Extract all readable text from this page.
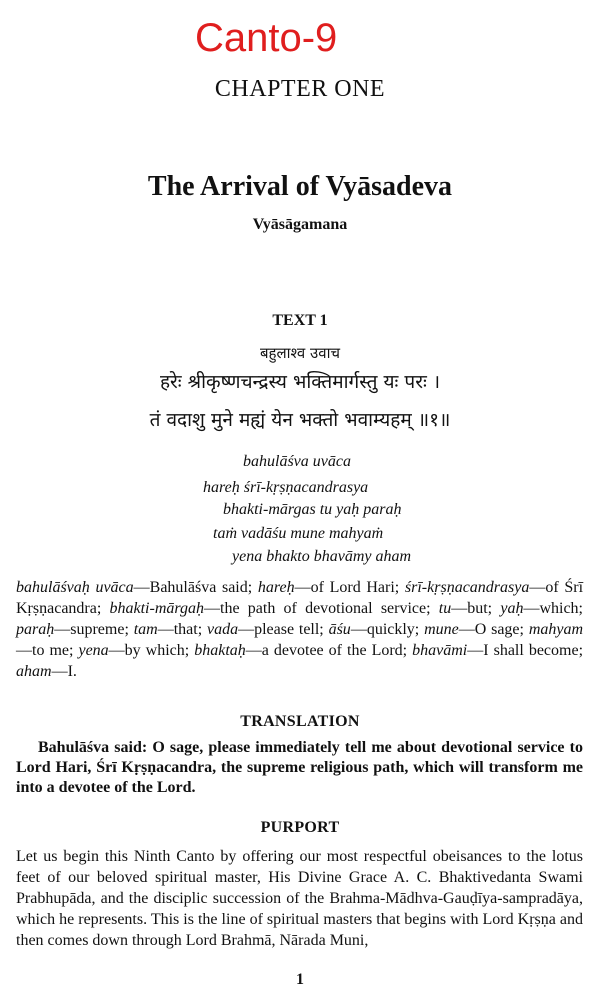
Canto-9
CHAPTER ONE
The Arrival of Vyāsadeva
Vyāsāgamana
TEXT 1
बहुलाश्व उवाच
हरेः श्रीकृष्णचन्द्रस्य भक्तिमार्गस्तु यः परः ।
तं वदाशु मुने मह्यं येन भक्तो भवाम्यहम् ॥१॥
bahulāśva uvāca
hareḥ śrī-kṛṣṇacandrasya
bhakti-mārgas tu yaḥ paraḥ
taṁ vadāśu mune mahyaṁ
yena bhakto bhavāmy aham
bahulāśvaḥ uvāca—Bahulāśva said; hareḥ—of Lord Hari; śrī-kṛṣṇacandrasya—of Śrī Kṛṣṇacandra; bhakti-mārgaḥ—the path of devotional service; tu—but; yaḥ—which; paraḥ—supreme; tam—that; vada—please tell; āśu—quickly; mune—O sage; mahyam—to me; yena—by which; bhaktaḥ—a devotee of the Lord; bhavāmi—I shall become; aham—I.
TRANSLATION
Bahulāśva said: O sage, please immediately tell me about devotional service to Lord Hari, Śrī Kṛṣṇacandra, the supreme religious path, which will transform me into a devotee of the Lord.
PURPORT
Let us begin this Ninth Canto by offering our most respectful obeisances to the lotus feet of our beloved spiritual master, His Divine Grace A. C. Bhaktivedanta Swami Prabhupāda, and the disciplic succession of the Brahma-Mādhva-Gauḍīya-sampradāya, which he represents. This is the line of spiritual masters that begins with Lord Kṛṣṇa and then comes down through Lord Brahmā, Nārada Muni,
1
